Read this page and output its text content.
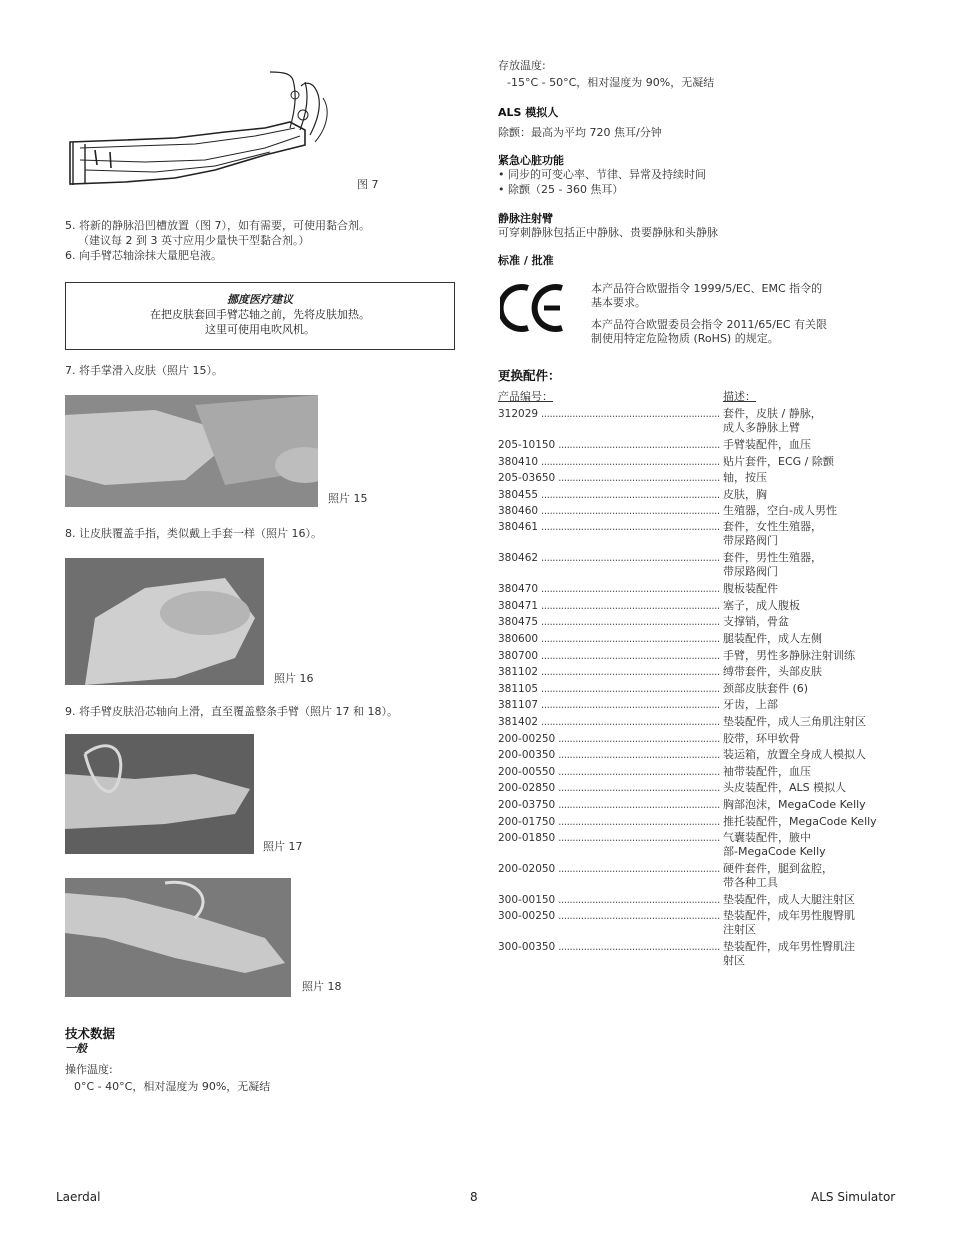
图 7
5. 将新的静脉沿凹槽放置（图 7），如有需要，可使用黏合剂。
（建议每 2 到 3 英寸应用少量快干型黏合剂。）
6. 向手臂芯轴涂抹大量肥皂液。
挪度医疗建议
在把皮肤套回手臂芯轴之前，先将皮肤加热。
这里可使用电吹风机。
7. 将手掌滑入皮肤（照片 15）。
照片 15
8. 让皮肤覆盖手指，类似戴上手套一样（照片 16）。
照片 16
9. 将手臂皮肤沿芯轴向上滑，直至覆盖整条手臂（照片 17 和 18）。
照片 17
照片 18
技术数据
一般
操作温度:
0°C - 40°C，相对湿度为 90%，无凝结
存放温度:
-15°C - 50°C，相对湿度为 90%，无凝结
ALS 模拟人
除颤：最高为平均 720 焦耳/分钟
紧急心脏功能
• 同步的可变心率、节律、异常及持续时间
• 除颤（25 - 360 焦耳）
静脉注射臂
可穿刺静脉包括正中静脉、贵要静脉和头静脉
标准 / 批准
本产品符合欧盟指令 1999/5/EC、EMC 指令的
基本要求。
本产品符合欧盟委员会指令 2011/65/EC 有关限
制使用特定危险物质 (RoHS) 的规定。
更换配件：
产品编号：	描述：
312029 .....	套件，皮肤 / 静脉，
成人多静脉上臂
205-10150 .....	手臂装配件，血压
380410 .....	贴片套件，ECG / 除颤
205-03650 .....	轴，按压
380455 .....	皮肤，胸
380460 .....	生殖器，空白-成人男性
380461 .....	套件，女性生殖器，
带尿路阀门
380462 .....	套件，男性生殖器，
带尿路阀门
380470 .....	腹板装配件
380471 .....	塞子，成人腹板
380475 .....	支撑销，骨盆
380600 .....	腿装配件，成人左侧
380700 .....	手臂，男性多静脉注射训练
381102 .....	缚带套件，头部皮肤
381105 .....	颈部皮肤套件 (6)
381107 .....	牙齿，上部
381402 .....	垫装配件，成人三角肌注射区
200-00250 .....	胶带，环甲软骨
200-00350 .....	装运箱，放置全身成人模拟人
200-00550 .....	袖带装配件，血压
200-02850 .....	头皮装配件，ALS 模拟人
200-03750 .....	胸部泡沫，MegaCode Kelly
200-01750 .....	推托装配件，MegaCode Kelly
200-01850 .....	气囊装配件，腋中
部-MegaCode Kelly
200-02050 .....	硬件套件，腿到盆腔，
带各种工具
300-00150 .....	垫装配件，成人大腿注射区
300-00250 .....	垫装配件，成年男性腹臀肌
注射区
300-00350 .....	垫装配件，成年男性臀肌注
射区
Laerdal	8	ALS Simulator
